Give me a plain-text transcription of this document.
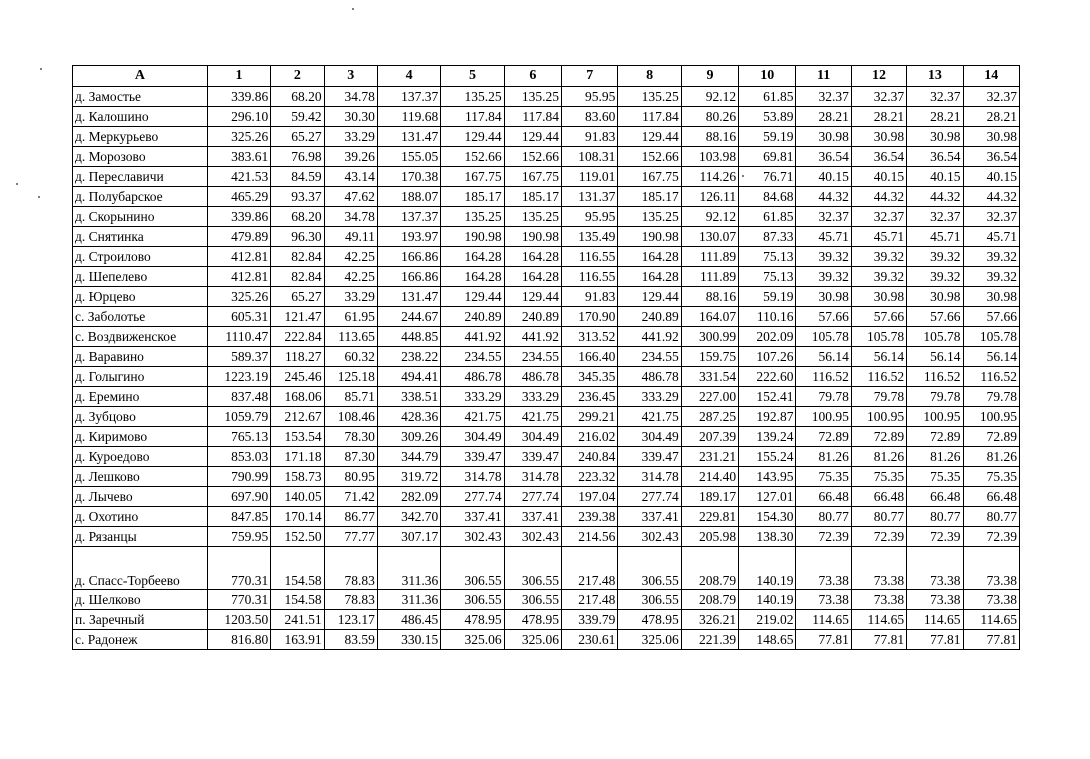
A	1	2	3	4	5	6	7	8	9	10	11	12	13	14
д. Замостье	339.86	68.20	34.78	137.37	135.25	135.25	95.95	135.25	92.12	61.85	32.37	32.37	32.37	32.37
д. Калошино	296.10	59.42	30.30	119.68	117.84	117.84	83.60	117.84	80.26	53.89	28.21	28.21	28.21	28.21
д. Меркурьево	325.26	65.27	33.29	131.47	129.44	129.44	91.83	129.44	88.16	59.19	30.98	30.98	30.98	30.98
д. Морозово	383.61	76.98	39.26	155.05	152.66	152.66	108.31	152.66	103.98	69.81	36.54	36.54	36.54	36.54
д. Переславичи	421.53	84.59	43.14	170.38	167.75	167.75	119.01	167.75	114.26	76.71	40.15	40.15	40.15	40.15
д. Полубарское	465.29	93.37	47.62	188.07	185.17	185.17	131.37	185.17	126.11	84.68	44.32	44.32	44.32	44.32
д. Скорынино	339.86	68.20	34.78	137.37	135.25	135.25	95.95	135.25	92.12	61.85	32.37	32.37	32.37	32.37
д. Снятинка	479.89	96.30	49.11	193.97	190.98	190.98	135.49	190.98	130.07	87.33	45.71	45.71	45.71	45.71
д. Строилово	412.81	82.84	42.25	166.86	164.28	164.28	116.55	164.28	111.89	75.13	39.32	39.32	39.32	39.32
д. Шепелево	412.81	82.84	42.25	166.86	164.28	164.28	116.55	164.28	111.89	75.13	39.32	39.32	39.32	39.32
д. Юрцево	325.26	65.27	33.29	131.47	129.44	129.44	91.83	129.44	88.16	59.19	30.98	30.98	30.98	30.98
с. Заболотье	605.31	121.47	61.95	244.67	240.89	240.89	170.90	240.89	164.07	110.16	57.66	57.66	57.66	57.66
с. Воздвиженское	1110.47	222.84	113.65	448.85	441.92	441.92	313.52	441.92	300.99	202.09	105.78	105.78	105.78	105.78
д. Варавино	589.37	118.27	60.32	238.22	234.55	234.55	166.40	234.55	159.75	107.26	56.14	56.14	56.14	56.14
д. Голыгино	1223.19	245.46	125.18	494.41	486.78	486.78	345.35	486.78	331.54	222.60	116.52	116.52	116.52	116.52
д. Еремино	837.48	168.06	85.71	338.51	333.29	333.29	236.45	333.29	227.00	152.41	79.78	79.78	79.78	79.78
д. Зубцово	1059.79	212.67	108.46	428.36	421.75	421.75	299.21	421.75	287.25	192.87	100.95	100.95	100.95	100.95
д. Киримово	765.13	153.54	78.30	309.26	304.49	304.49	216.02	304.49	207.39	139.24	72.89	72.89	72.89	72.89
д. Куроедово	853.03	171.18	87.30	344.79	339.47	339.47	240.84	339.47	231.21	155.24	81.26	81.26	81.26	81.26
д. Лешково	790.99	158.73	80.95	319.72	314.78	314.78	223.32	314.78	214.40	143.95	75.35	75.35	75.35	75.35
д. Лычево	697.90	140.05	71.42	282.09	277.74	277.74	197.04	277.74	189.17	127.01	66.48	66.48	66.48	66.48
д. Охотино	847.85	170.14	86.77	342.70	337.41	337.41	239.38	337.41	229.81	154.30	80.77	80.77	80.77	80.77
д. Рязанцы	759.95	152.50	77.77	307.17	302.43	302.43	214.56	302.43	205.98	138.30	72.39	72.39	72.39	72.39
д. Спасс-Торбеево	770.31	154.58	78.83	311.36	306.55	306.55	217.48	306.55	208.79	140.19	73.38	73.38	73.38	73.38
д. Шелково	770.31	154.58	78.83	311.36	306.55	306.55	217.48	306.55	208.79	140.19	73.38	73.38	73.38	73.38
п. Заречный	1203.50	241.51	123.17	486.45	478.95	478.95	339.79	478.95	326.21	219.02	114.65	114.65	114.65	114.65
с. Радонеж	816.80	163.91	83.59	330.15	325.06	325.06	230.61	325.06	221.39	148.65	77.81	77.81	77.81	77.81
